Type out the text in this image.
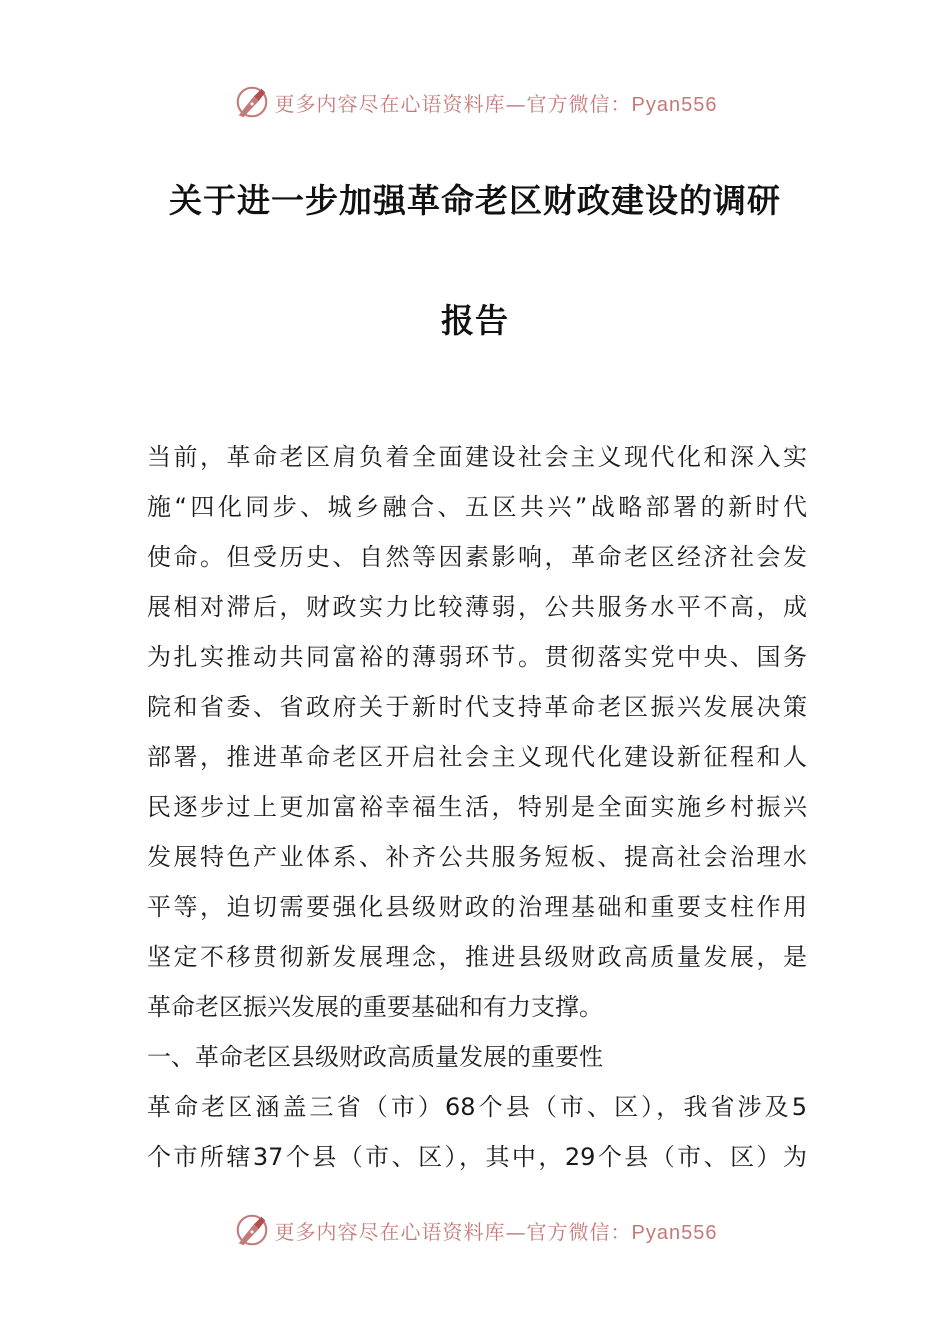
更多内容尽在心语资料库—官方微信：Pyan556
关于进一步加强革命老区财政建设的调研
报告
当前，革命老区肩负着全面建设社会主义现代化和深入实
施“四化同步、城乡融合、五区共兴”战略部署的新时代
使命。但受历史、自然等因素影响，革命老区经济社会发
展相对滞后，财政实力比较薄弱，公共服务水平不高，成
为扎实推动共同富裕的薄弱环节。贯彻落实党中央、国务
院和省委、省政府关于新时代支持革命老区振兴发展决策
部署，推进革命老区开启社会主义现代化建设新征程和人
民逐步过上更加富裕幸福生活，特别是全面实施乡村振兴
发展特色产业体系、补齐公共服务短板、提高社会治理水
平等，迫切需要强化县级财政的治理基础和重要支柱作用
坚定不移贯彻新发展理念，推进县级财政高质量发展，是
革命老区振兴发展的重要基础和有力支撑。
一、革命老区县级财政高质量发展的重要性
革命老区涵盖三省（市）68个县（市、区），我省涉及5
个市所辖37个县（市、区），其中，29个县（市、区）为
更多内容尽在心语资料库—官方微信：Pyan556
